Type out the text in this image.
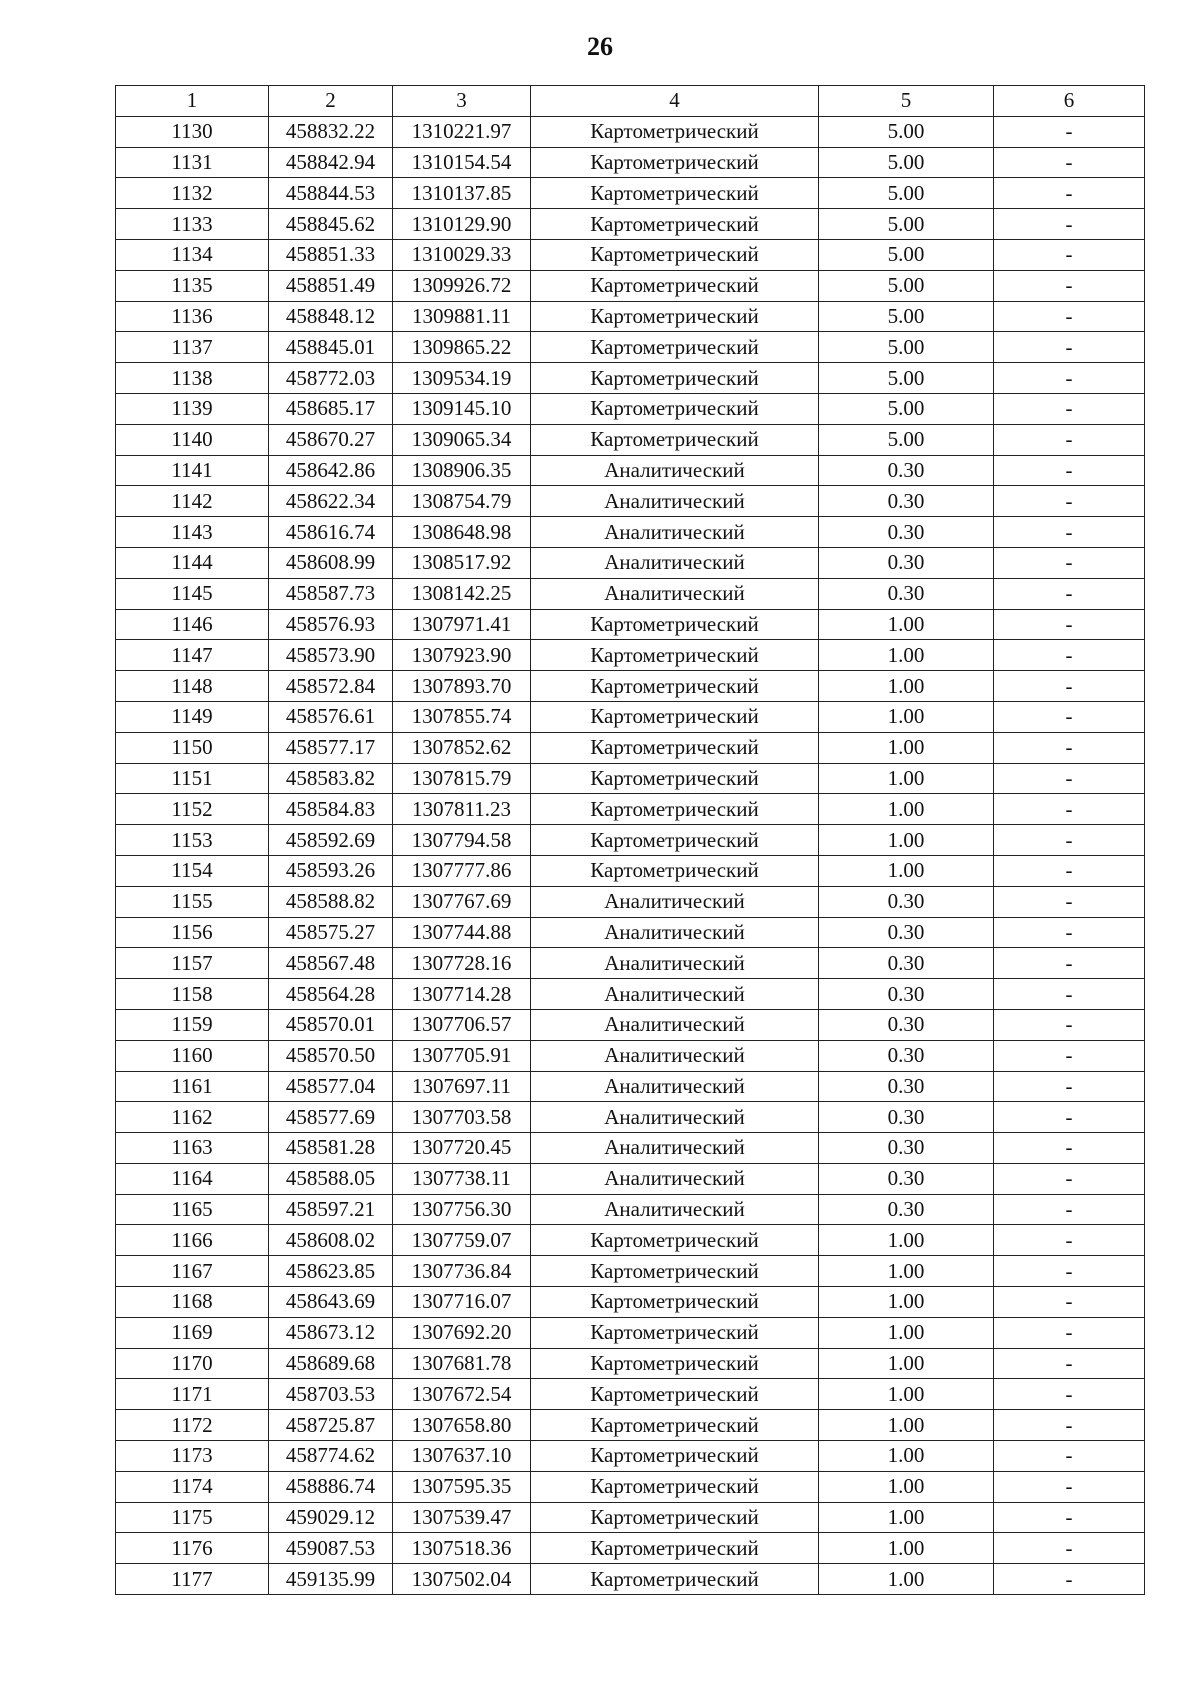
26
1	2	3	4	5	6
1130	458832.22	1310221.97	Картометрический	5.00	-
1131	458842.94	1310154.54	Картометрический	5.00	-
1132	458844.53	1310137.85	Картометрический	5.00	-
1133	458845.62	1310129.90	Картометрический	5.00	-
1134	458851.33	1310029.33	Картометрический	5.00	-
1135	458851.49	1309926.72	Картометрический	5.00	-
1136	458848.12	1309881.11	Картометрический	5.00	-
1137	458845.01	1309865.22	Картометрический	5.00	-
1138	458772.03	1309534.19	Картометрический	5.00	-
1139	458685.17	1309145.10	Картометрический	5.00	-
1140	458670.27	1309065.34	Картометрический	5.00	-
1141	458642.86	1308906.35	Аналитический	0.30	-
1142	458622.34	1308754.79	Аналитический	0.30	-
1143	458616.74	1308648.98	Аналитический	0.30	-
1144	458608.99	1308517.92	Аналитический	0.30	-
1145	458587.73	1308142.25	Аналитический	0.30	-
1146	458576.93	1307971.41	Картометрический	1.00	-
1147	458573.90	1307923.90	Картометрический	1.00	-
1148	458572.84	1307893.70	Картометрический	1.00	-
1149	458576.61	1307855.74	Картометрический	1.00	-
1150	458577.17	1307852.62	Картометрический	1.00	-
1151	458583.82	1307815.79	Картометрический	1.00	-
1152	458584.83	1307811.23	Картометрический	1.00	-
1153	458592.69	1307794.58	Картометрический	1.00	-
1154	458593.26	1307777.86	Картометрический	1.00	-
1155	458588.82	1307767.69	Аналитический	0.30	-
1156	458575.27	1307744.88	Аналитический	0.30	-
1157	458567.48	1307728.16	Аналитический	0.30	-
1158	458564.28	1307714.28	Аналитический	0.30	-
1159	458570.01	1307706.57	Аналитический	0.30	-
1160	458570.50	1307705.91	Аналитический	0.30	-
1161	458577.04	1307697.11	Аналитический	0.30	-
1162	458577.69	1307703.58	Аналитический	0.30	-
1163	458581.28	1307720.45	Аналитический	0.30	-
1164	458588.05	1307738.11	Аналитический	0.30	-
1165	458597.21	1307756.30	Аналитический	0.30	-
1166	458608.02	1307759.07	Картометрический	1.00	-
1167	458623.85	1307736.84	Картометрический	1.00	-
1168	458643.69	1307716.07	Картометрический	1.00	-
1169	458673.12	1307692.20	Картометрический	1.00	-
1170	458689.68	1307681.78	Картометрический	1.00	-
1171	458703.53	1307672.54	Картометрический	1.00	-
1172	458725.87	1307658.80	Картометрический	1.00	-
1173	458774.62	1307637.10	Картометрический	1.00	-
1174	458886.74	1307595.35	Картометрический	1.00	-
1175	459029.12	1307539.47	Картометрический	1.00	-
1176	459087.53	1307518.36	Картометрический	1.00	-
1177	459135.99	1307502.04	Картометрический	1.00	-
